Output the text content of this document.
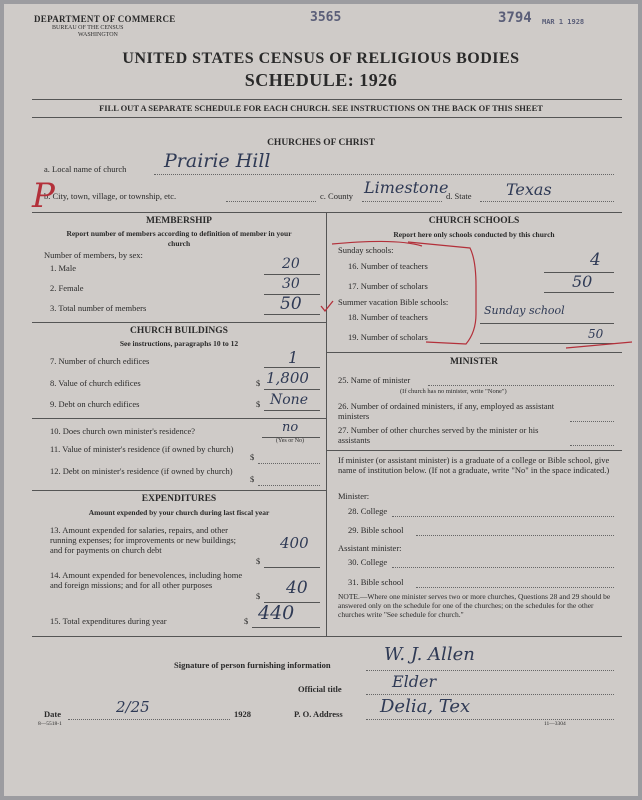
DEPARTMENT OF COMMERCE
BUREAU OF THE CENSUS
WASHINGTON
3565	3794 MAR 1 1928
UNITED STATES CENSUS OF RELIGIOUS BODIES
SCHEDULE: 1926
FILL OUT A SEPARATE SCHEDULE FOR EACH CHURCH. SEE INSTRUCTIONS ON THE BACK OF THIS SHEET
CHURCHES OF CHRIST
a. Local name of church Prairie Hill
b. City, town, village, or township, etc.	c. County Limestone
d. State Texas
P
MEMBERSHIP
Report number of members according to definition of member in your church
Number of members, by sex:
1. Male	20
2. Female	30
3. Total number of members	50
CHURCH BUILDINGS
See instructions, paragraphs 10 to 12
7. Number of church edifices	1
8. Value of church edifices	$ 1,800
9. Debt on church edifices	$ None
10. Does church own minister's residence?	no
(Yes or No)
11. Value of minister's residence (if owned by church)
$
12. Debt on minister's residence (if owned by church)
$
EXPENDITURES
Amount expended by your church during last fiscal year
13. Amount expended for salaries, repairs, and other running expenses; for improvements or new buildings; and for payments on church debt
$
400
14. Amount expended for benevolences, including home and foreign missions; and for all other purposes
$ 40
15. Total expenditures during year	$ 440
CHURCH SCHOOLS
Report here only schools conducted by this church
Sunday schools:
16. Number of teachers	4
17. Number of scholars	50
Summer vacation Bible schools:
18. Number of teachers	Sunday school
19. Number of scholars	50
MINISTER
25. Name of minister
(If church has no minister, write "None")
26. Number of ordained ministers, if any, employed as assistant ministers
27. Number of other churches served by the minister or his assistants
If minister (or assistant minister) is a graduate of a college or Bible school, give name of institution below. (If not a graduate, write "No" in the space indicated.)
Minister:
28. College
29. Bible school
Assistant minister:
30. College
31. Bible school
NOTE.—Where one minister serves two or more churches, Questions 28 and 29 should be answered only on the schedule for one of the churches; on the schedules for the other churches write "See schedule for church."
Signature of person furnishing information	W. J. Allen
Official title	Elder
Date	2/25	1928	P. O. Address Delia, Tex
8—5518-1	11—3304
